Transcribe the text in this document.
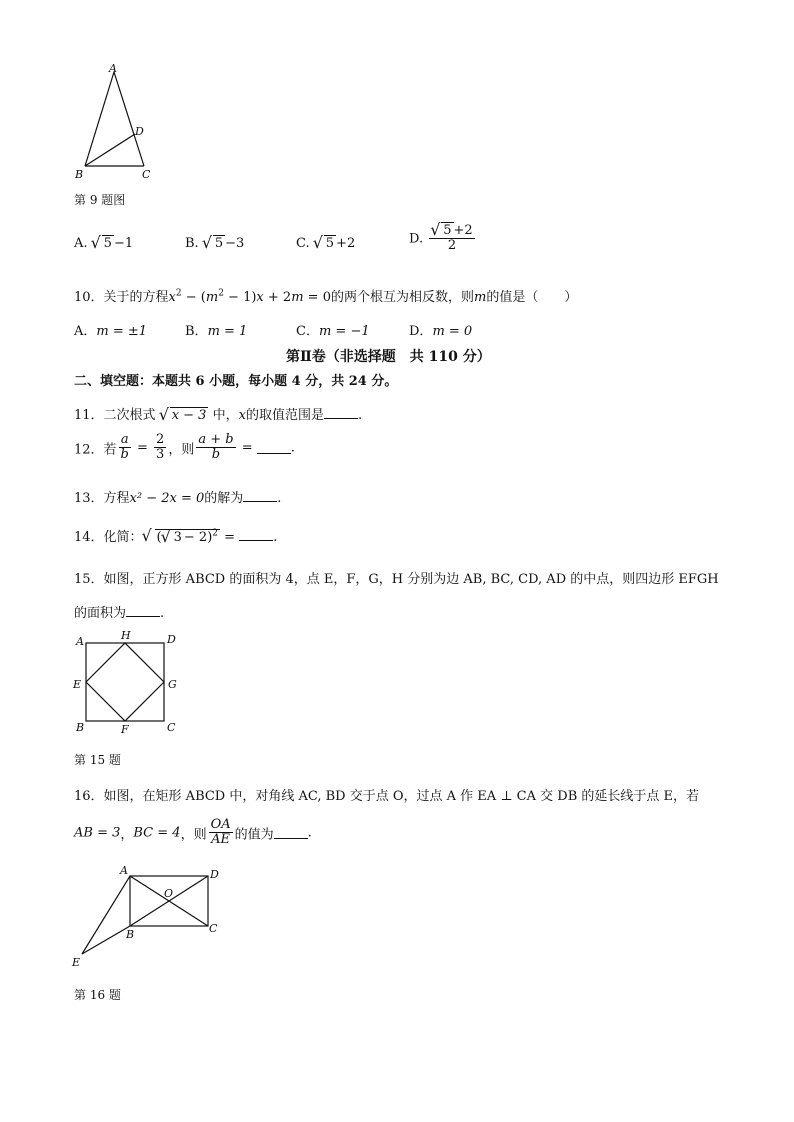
A
D
B	C
第 9 题图
A. √ 5 −1	B. √ 5 −3	C. √ 5 +2	D. √ $\frac{5 +2}{2}$
10．关于的方程$x^2 - (m^2 - 1)x + 2m = 0$的两个根互为相反数，则m的值是（　　）
A．m = ±1	B．m = 1	C．m = −1	D．m = 0
第Ⅱ卷（非选择题　共 110 分）
二、填空题：本题共 6 小题，每小题 4 分，共 24 分。
11．二次根式 √ x − 3 中，x的取值范围是	.
12．若 $\frac{a}{b} = \frac{2}{3}$ ，则 $\frac{a + b}{b}$ =	.
13．方程x² − 2x = 0的解为	.
14．化简： √ ( √ 3 − 2)$^2$ =	.
15．如图，正方形 ABCD 的面积为 4，点 E，F，G，H 分别为边 AB, BC, CD, AD 的中点，则四边形 EFGH
的面积为	.
A	H	D
E	G
B	F	C
第 15 题
16．如图，在矩形 ABCD 中，对角线 AC, BD 交于点 O，过点 A 作 EA ⊥ CA 交 DB 的延长线于点 E，若
AB = 3，BC = 4，则 $\frac{OA}{AE}$ 的值为	.
A	D
O
B	C
E
第 16 题
